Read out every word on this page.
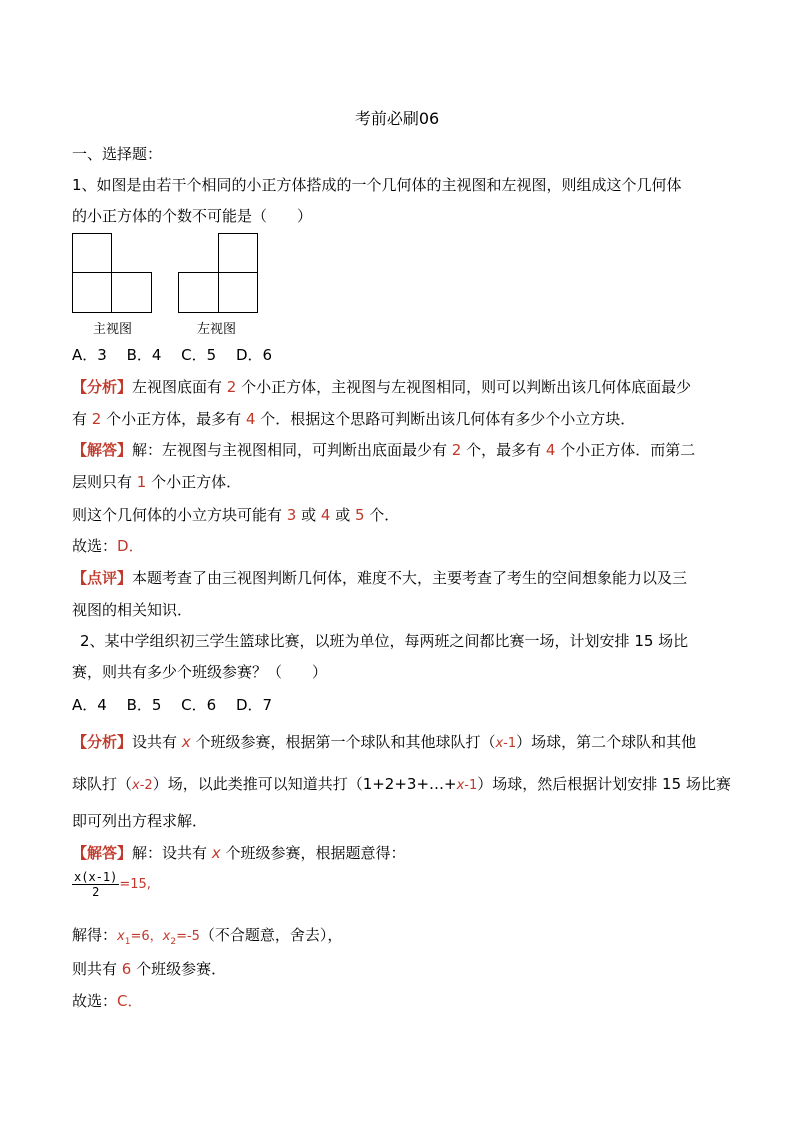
考前必刷06
一、选择题：
1、如图是由若干个相同的小正方体搭成的一个几何体的主视图和左视图，则组成这个几何体
的小正方体的个数不可能是（　　）
主视图	左视图
A．3　 B．4　 C．5　 D．6
【分析】左视图底面有 2 个小正方体，主视图与左视图相同，则可以判断出该几何体底面最少
有 2 个小正方体，最多有 4 个．根据这个思路可判断出该几何体有多少个小立方块．
【解答】解：左视图与主视图相同，可判断出底面最少有 2 个，最多有 4 个小正方体．而第二
层则只有 1 个小正方体．
则这个几何体的小立方块可能有 3 或 4 或 5 个．
故选：D．
【点评】本题考查了由三视图判断几何体，难度不大，主要考查了考生的空间想象能力以及三
视图的相关知识．
2、某中学组织初三学生篮球比赛，以班为单位，每两班之间都比赛一场，计划安排 15 场比
赛，则共有多少个班级参赛？（　　）
A．4　 B．5　 C．6　 D．7
【分析】设共有 x 个班级参赛，根据第一个球队和其他球队打（x-1）场球，第二个球队和其他
球队打（x-2）场，以此类推可以知道共打（1+2+3+…+x-1）场球，然后根据计划安排 15 场比赛
即可列出方程求解．
【解答】解：设共有 x 个班级参赛，根据题意得：
$\frac{x(x-1)}{2} =15$,
解得：$x_1=6$，$x_2=-5$（不合题意，舍去），
则共有 6 个班级参赛．
故选：C．
